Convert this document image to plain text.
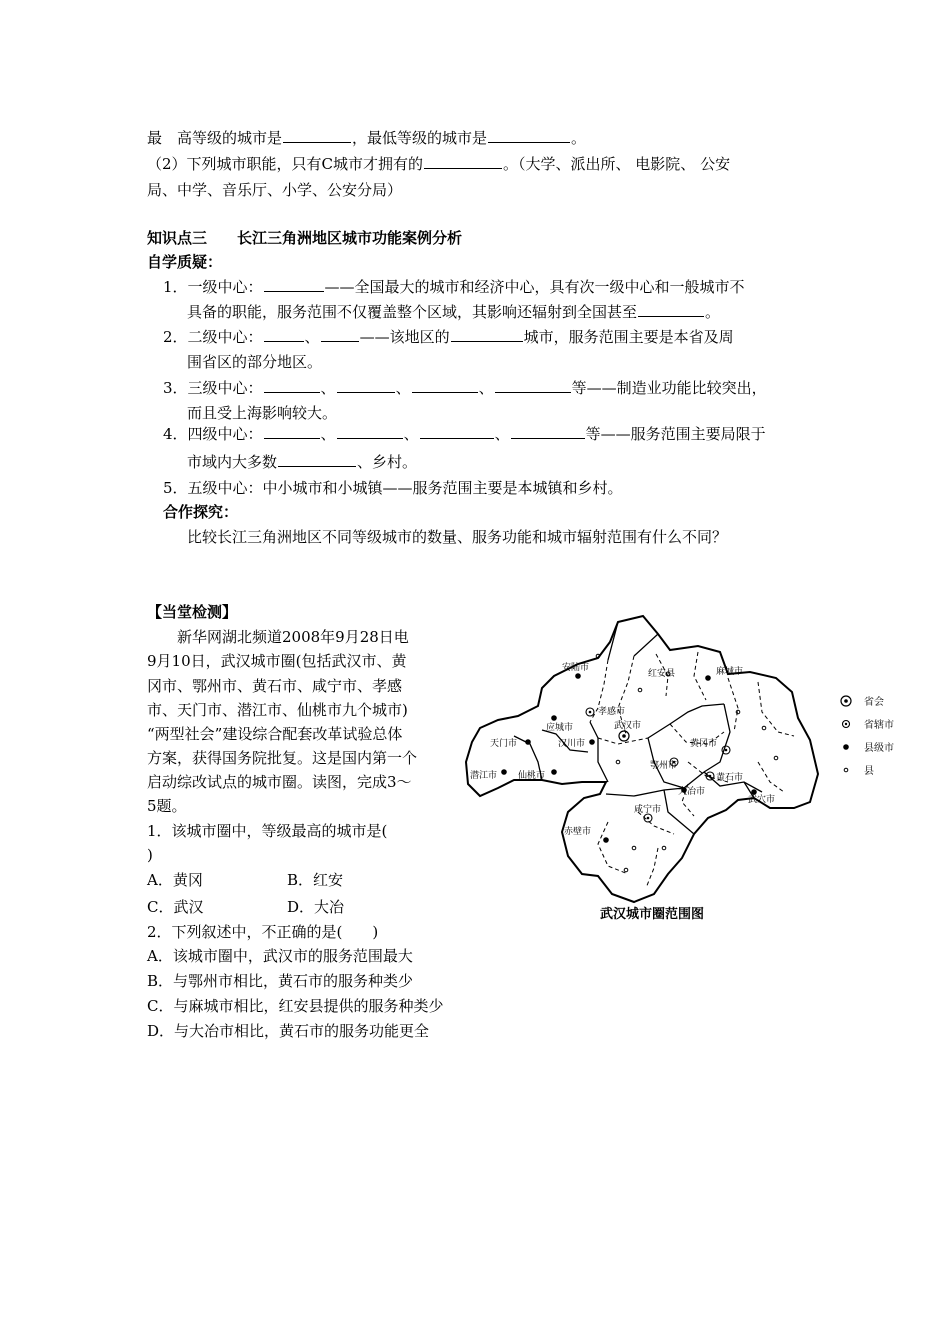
最　高等级的城市是	，最低等级的城市是	。
（2）下列城市职能，只有C城市才拥有的	。（大学、派出所、 电影院、 公安
局、中学、音乐厅、小学、公安分局）
知识点三　　长江三角洲地区城市功能案例分析
自学质疑：
1．一级中心：	——全国最大的城市和经济中心，具有次一级中心和一般城市不
具备的职能，服务范围不仅覆盖整个区域，其影响还辐射到全国甚至	。
2．二级中心：	、	——该地区的	城市，服务范围主要是本省及周
围省区的部分地区。
3．三级中心：	、	、	、	等——制造业功能比较突出，
而且受上海影响较大。
4．四级中心：	、	、	、	等——服务范围主要局限于
市域内大多数	、乡村。
5．五级中心：中小城市和小城镇——服务范围主要是本城镇和乡村。
合作探究：
比较长江三角洲地区不同等级城市的数量、服务功能和城市辐射范围有什么不同？
【当堂检测】
新华网湖北频道2008年9月28日电
9月10日，武汉城市圈(包括武汉市、黄
冈市、鄂州市、黄石市、咸宁市、孝感
市、天门市、潜江市、仙桃市九个城市)
“两型社会”建设综合配套改革试验总体
方案，获得国务院批复。这是国内第一个
启动综改试点的城市圈。读图，完成3～
5题。
1．该城市圈中，等级最高的城市是(
)
A．黄冈	B．红安
C．武汉	D．大冶
2．下列叙述中，不正确的是(　　)
A．该城市圈中，武汉市的服务范围最大
B．与鄂州市相比，黄石市的服务种类少
C．与麻城市相比，红安县提供的服务种类少
D．与大冶市相比，黄石市的服务功能更全
安陆市
红安县	麻城市
孝感市
应城市
天门市	汉川市
武汉市
黄冈市
鄂州市
潜江市 仙桃市	黄石市
大冶市
武穴市
咸宁市
赤壁市
省会
省辖市
县级市
县
武汉城市圈范围图
